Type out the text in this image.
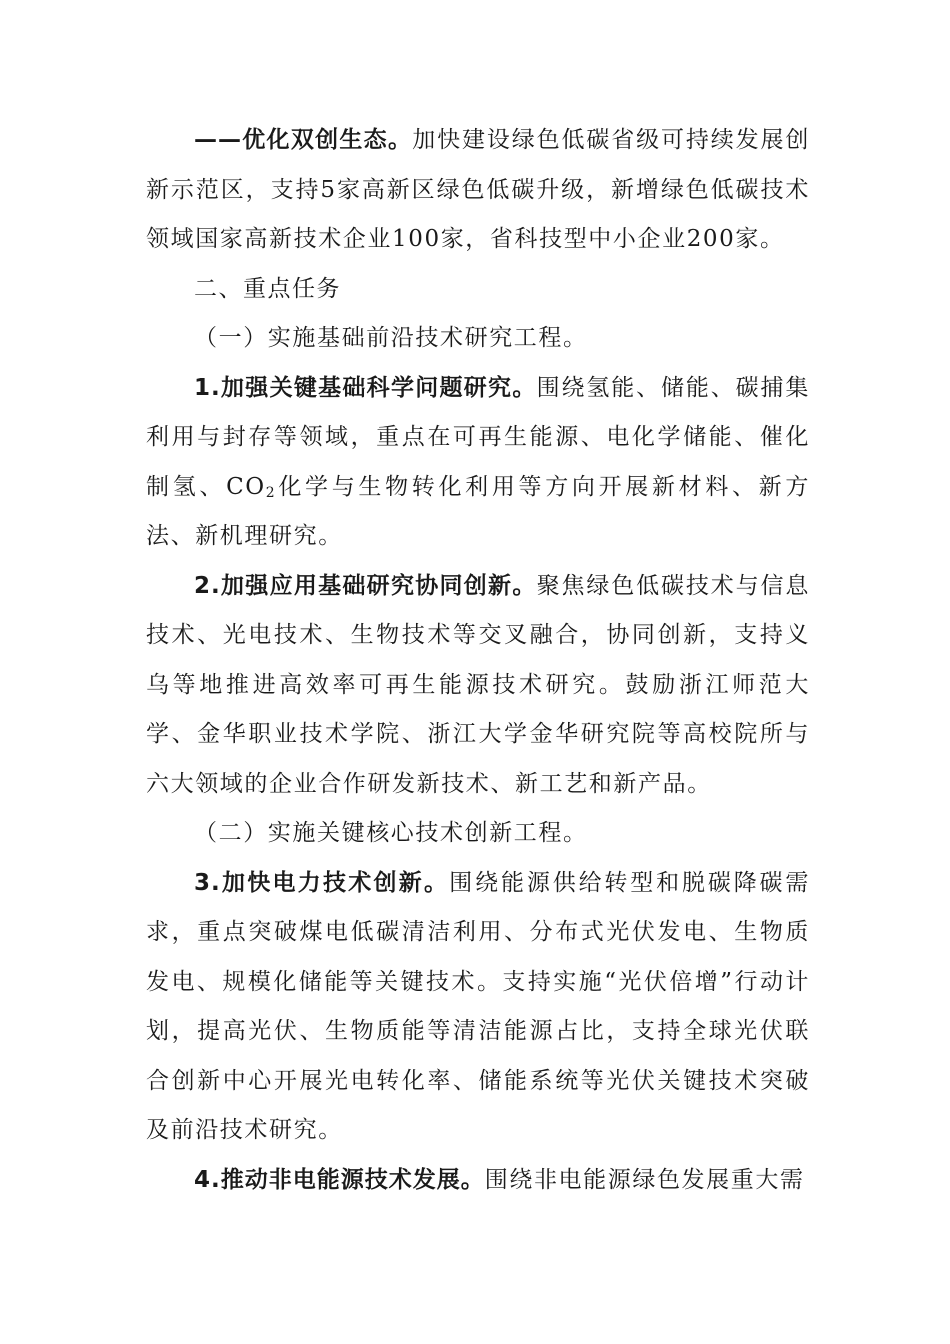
——优化双创生态。加快建设绿色低碳省级可持续发展创新示范区，支持5家高新区绿色低碳升级，新增绿色低碳技术领域国家高新技术企业100家，省科技型中小企业200家。

二、重点任务

（一）实施基础前沿技术研究工程。

1.加强关键基础科学问题研究。围绕氢能、储能、碳捕集利用与封存等领域，重点在可再生能源、电化学储能、催化制氢、$CO_2$化学与生物转化利用等方向开展新材料、新方法、新机理研究。

2.加强应用基础研究协同创新。聚焦绿色低碳技术与信息技术、光电技术、生物技术等交叉融合，协同创新，支持义乌等地推进高效率可再生能源技术研究。鼓励浙江师范大学、金华职业技术学院、浙江大学金华研究院等高校院所与六大领域的企业合作研发新技术、新工艺和新产品。

（二）实施关键核心技术创新工程。

3.加快电力技术创新。围绕能源供给转型和脱碳降碳需求，重点突破煤电低碳清洁利用、分布式光伏发电、生物质发电、规模化储能等关键技术。支持实施“光伏倍增”行动计划，提高光伏、生物质能等清洁能源占比，支持全球光伏联合创新中心开展光电转化率、储能系统等光伏关键技术突破及前沿技术研究。

4.推动非电能源技术发展。围绕非电能源绿色发展重大需
